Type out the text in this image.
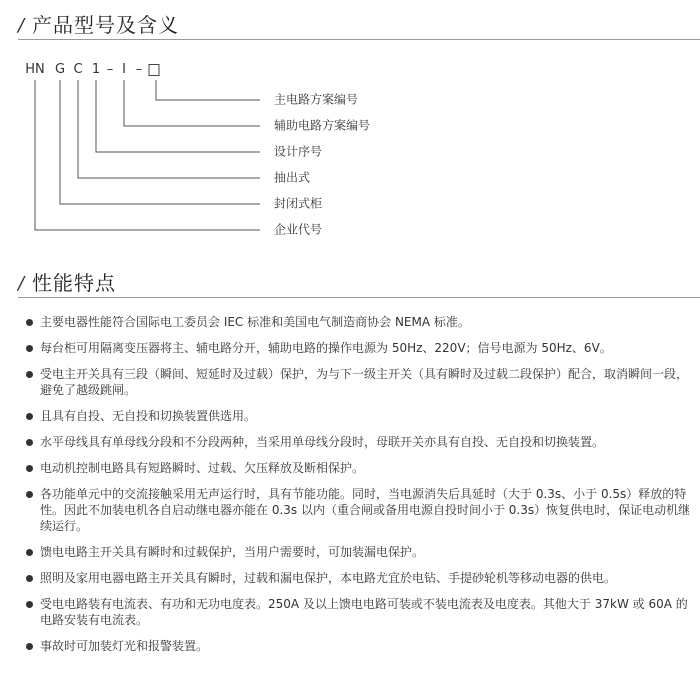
/ 产品型号及含义
HN G C 1 – I –
主电路方案编号
辅助电路方案编号
设计序号
抽出式
封闭式柜
企业代号
/ 性能特点
主要电器性能符合国际电工委员会 IEC 标准和美国电气制造商协会 NEMA 标准。
每台柜可用隔离变压器将主、辅电路分开，辅助电路的操作电源为 50Hz、220V；信号电源为 50Hz、6V。
受电主开关具有三段（瞬间、短延时及过载）保护，为与下一级主开关（具有瞬时及过载二段保护）配合，取消瞬间一段，避免了越级跳闸。
且具有自投、无自投和切换装置供选用。
水平母线具有单母线分段和不分段两种，当采用单母线分段时，母联开关亦具有自投、无自投和切换装置。
电动机控制电路具有短路瞬时、过载、欠压释放及断相保护。
各功能单元中的交流接触采用无声运行时，具有节能功能。同时，当电源消失后具延时（大于 0.3s、小于 0.5s）释放的特性。因此不加装电机各自启动继电器亦能在 0.3s 以内（重合闸或备用电源自投时间小于 0.3s）恢复供电时，保证电动机继续运行。
馈电电路主开关具有瞬时和过载保护，当用户需要时，可加装漏电保护。
照明及家用电器电路主开关具有瞬时，过载和漏电保护，本电路尤宜於电钻、手提砂轮机等移动电器的供电。
受电电路装有电流表、有功和无功电度表。250A 及以上馈电电路可装或不装电流表及电度表。其他大于 37kW 或 60A 的电路安装有电流表。
事故时可加装灯光和报警装置。
